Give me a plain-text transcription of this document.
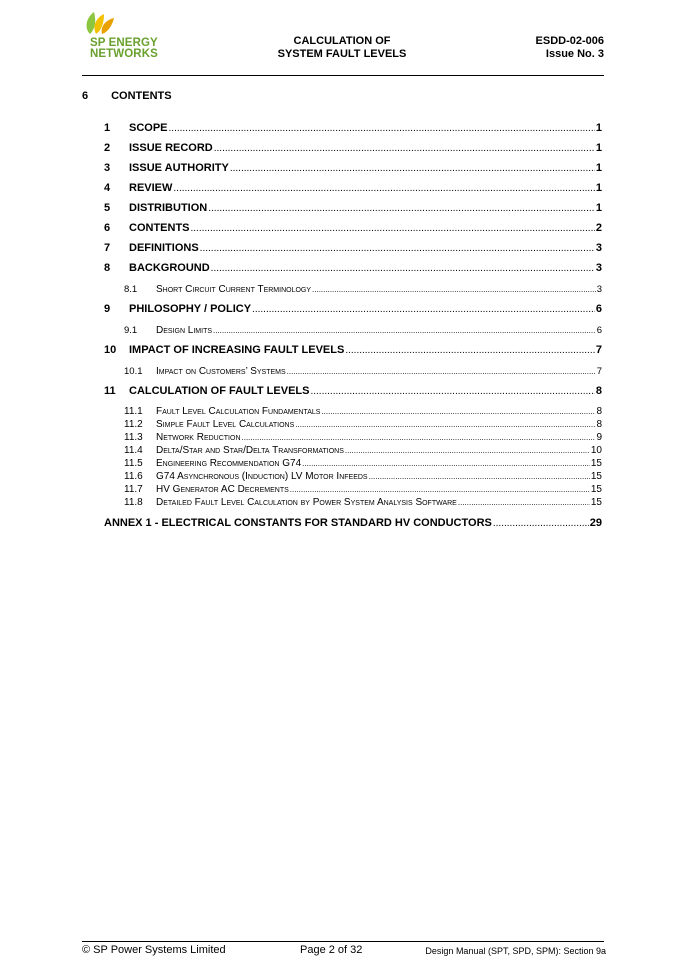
SP ENERGY
NETWORKS
CALCULATION OF
SYSTEM FAULT LEVELS
ESDD-02-006
Issue No. 3
6 CONTENTS
1	SCOPE .....	1
2	ISSUE RECORD .....	1
3	ISSUE AUTHORITY .....	1
4	REVIEW .....	1
5	DISTRIBUTION .....	1
6	CONTENTS .....	2
7	DEFINITIONS .....	3
8	BACKGROUND .....	3
8.1	Short Circuit Current Terminology .....	3
9	PHILOSOPHY / POLICY .....	6
9.1	Design Limits .....	6
10	IMPACT OF INCREASING FAULT LEVELS .....	7
10.1	Impact on Customers’ Systems .....	7
11	CALCULATION OF FAULT LEVELS .....	8
11.1	Fault Level Calculation Fundamentals .....	8
11.2	Simple Fault Level Calculations .....	8
11.3	Network Reduction .....	9
11.4	Delta/Star and Star/Delta Transformations .....	10
11.5	Engineering Recommendation G74 .....	15
11.6	G74 Asynchronous (Induction) LV Motor Infeeds .....	15
11.7	HV Generator AC Decrements .....	15
11.8	Detailed Fault Level Calculation by Power System Analysis Software .....	15
ANNEX 1 - ELECTRICAL CONSTANTS FOR STANDARD HV CONDUCTORS .....	29
© SP Power Systems Limited	Page 2 of 32	Design Manual (SPT, SPD, SPM): Section 9a
